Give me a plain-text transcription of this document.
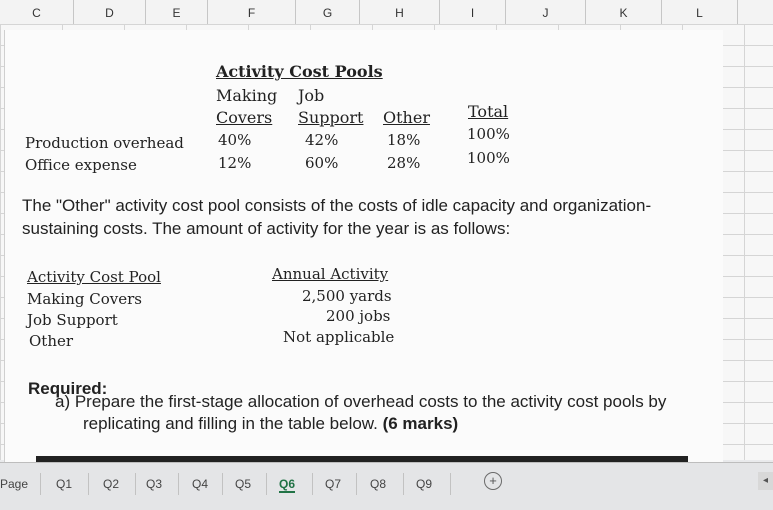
C	D	E	F	G	H	I	J	K	L
Activity Cost Pools
Making Job
Covers Support Other Total
Production overhead 40%	42%	18%	100%
Office expense	12%	60%	28%	100%
The "Other" activity cost pool consists of the costs of idle capacity and organization-
sustaining costs. The amount of activity for the year is as follows:
Activity Cost Pool	Annual Activity
Making Covers	2,500 yards
Job Support	200 jobs
Other	Not applicable
Required:
a) Prepare the first-stage allocation of overhead costs to the activity cost pools by
replicating and filling in the table below. (6 marks)
Page Q1	Q2 Q3 Q4 Q5 Q6 Q7 Q8 Q9	+	◂
